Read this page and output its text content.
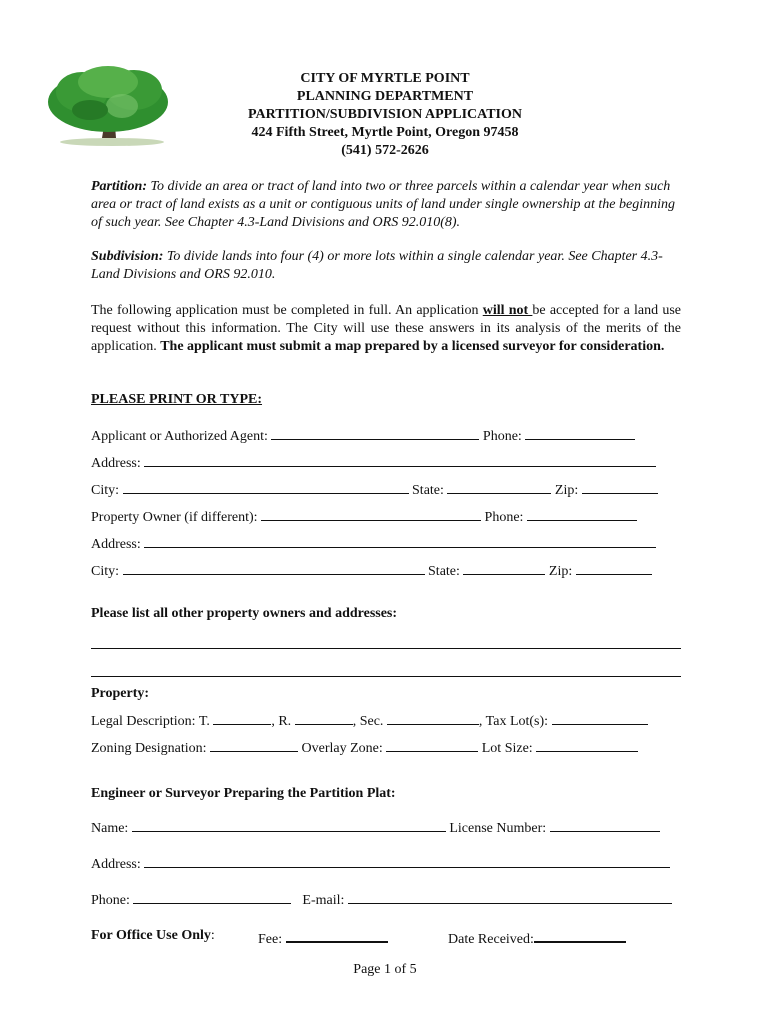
CITY OF MYRTLE POINT
PLANNING DEPARTMENT
PARTITION/SUBDIVISION APPLICATION
424 Fifth Street, Myrtle Point, Oregon 97458
(541) 572-2626
Partition: To divide an area or tract of land into two or three parcels within a calendar year when such area or tract of land exists as a unit or contiguous units of land under single ownership at the beginning of such year. See Chapter 4.3-Land Divisions and ORS 92.010(8).
Subdivision: To divide lands into four (4) or more lots within a single calendar year. See Chapter 4.3-Land Divisions and ORS 92.010.
The following application must be completed in full. An application will not be accepted for a land use request without this information. The City will use these answers in its analysis of the merits of the application. The applicant must submit a map prepared by a licensed surveyor for consideration.
PLEASE PRINT OR TYPE:
Applicant or Authorized Agent:	Phone:
Address:
City:	State:	Zip:
Property Owner (if different):	Phone:
Address:
City:	State:	Zip:
Please list all other property owners and addresses:
Property:
Legal Description: T.	, R.	, Sec.	, Tax Lot(s):
Zoning Designation:	Overlay Zone:	Lot Size:
Engineer or Surveyor Preparing the Partition Plat:
Name:	License Number:
Address:
Phone:	E-mail:
For Office Use Only:	Fee:	Date Received:
Page 1 of 5
